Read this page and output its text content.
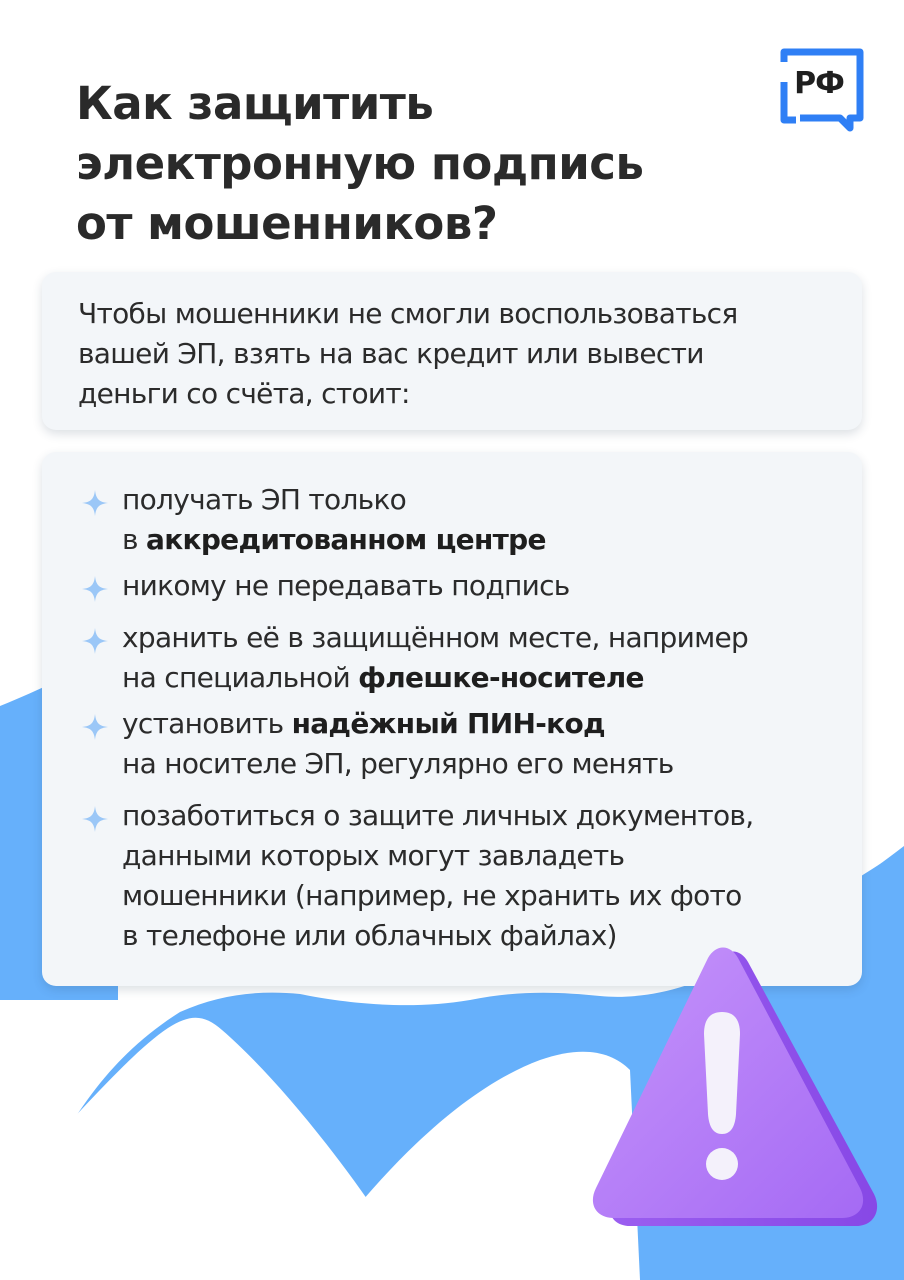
РФ
Как защитить
электронную подпись
от мошенников?

Чтобы мошенники не смогли воспользоваться
вашей ЭП, взять на вас кредит или вывести
деньги со счёта, стоит:

получать ЭП только
в аккредитованном центре
никому не передавать подпись
хранить её в защищённом месте, например
на специальной флешке-носителе
установить надёжный ПИН-код
на носителе ЭП, регулярно его менять
позаботиться о защите личных документов,
данными которых могут завладеть
мошенники (например, не хранить их фото
в телефоне или облачных файлах)
